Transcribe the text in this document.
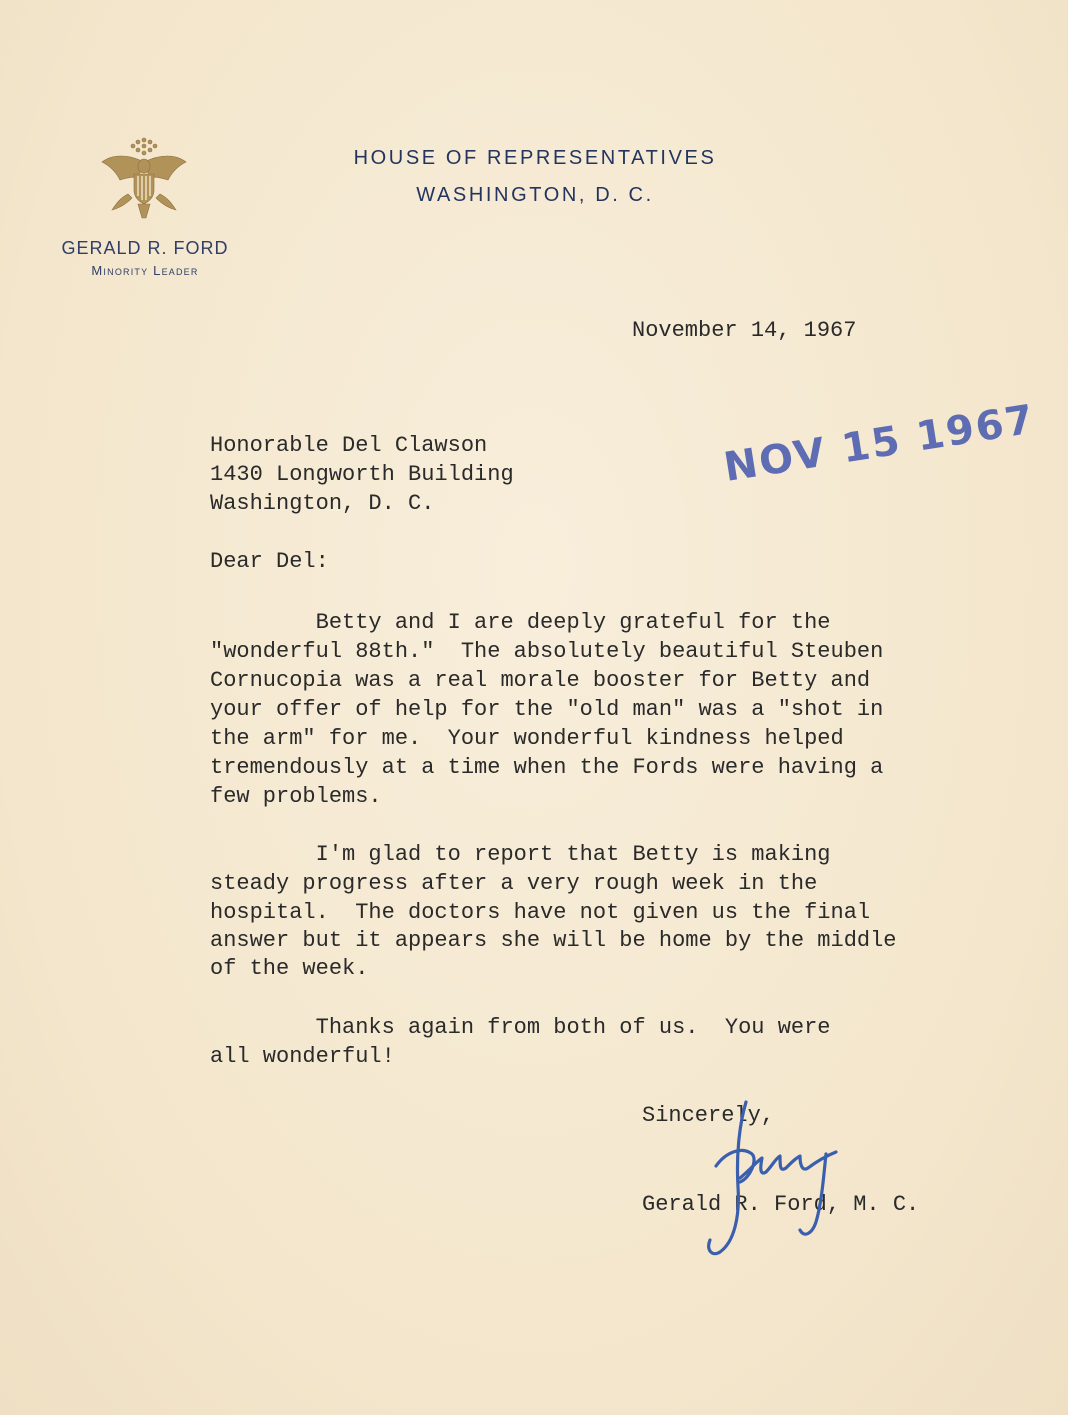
GERALD R. FORD
Minority Leader
HOUSE OF REPRESENTATIVES
WASHINGTON, D. C.
November 14, 1967
Honorable Del Clawson
1430 Longworth Building
Washington, D. C.
NOV 15 1967
Dear Del:
Betty and I are deeply grateful for the
"wonderful 88th."  The absolutely beautiful Steuben
Cornucopia was a real morale booster for Betty and
your offer of help for the "old man" was a "shot in
the arm" for me.  Your wonderful kindness helped
tremendously at a time when the Fords were having a
few problems.
I'm glad to report that Betty is making
steady progress after a very rough week in the
hospital.  The doctors have not given us the final
answer but it appears she will be home by the middle
of the week.
Thanks again from both of us.  You were
all wonderful!
Sincerely,
Gerald R. Ford, M. C.
